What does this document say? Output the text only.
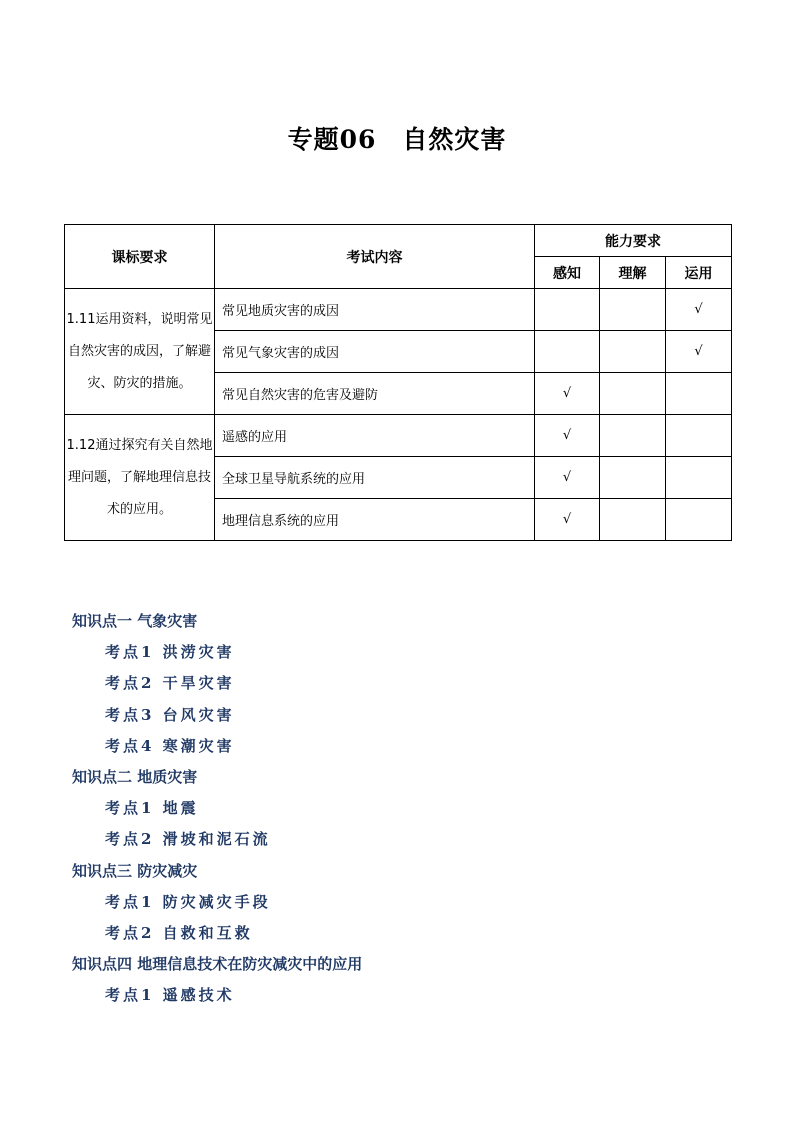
专题06　自然灾害
课标要求	考试内容	能力要求		
		感知	理解	运用
1.11运用资料，说明常见自然灾害的成因，了解避灾、防灾的措施。	常见地质灾害的成因			√
	常见气象灾害的成因			√
	常见自然灾害的危害及避防	√		
1.12通过探究有关自然地理问题，了解地理信息技术的应用。	遥感的应用	√		
	全球卫星导航系统的应用	√		
	地理信息系统的应用	√		
知识点一 气象灾害
考点1 洪涝灾害
考点2 干旱灾害
考点3 台风灾害
考点4 寒潮灾害
知识点二 地质灾害
考点1 地震
考点2 滑坡和泥石流
知识点三 防灾减灾
考点1 防灾减灾手段
考点2 自救和互救
知识点四 地理信息技术在防灾减灾中的应用
考点1 遥感技术
